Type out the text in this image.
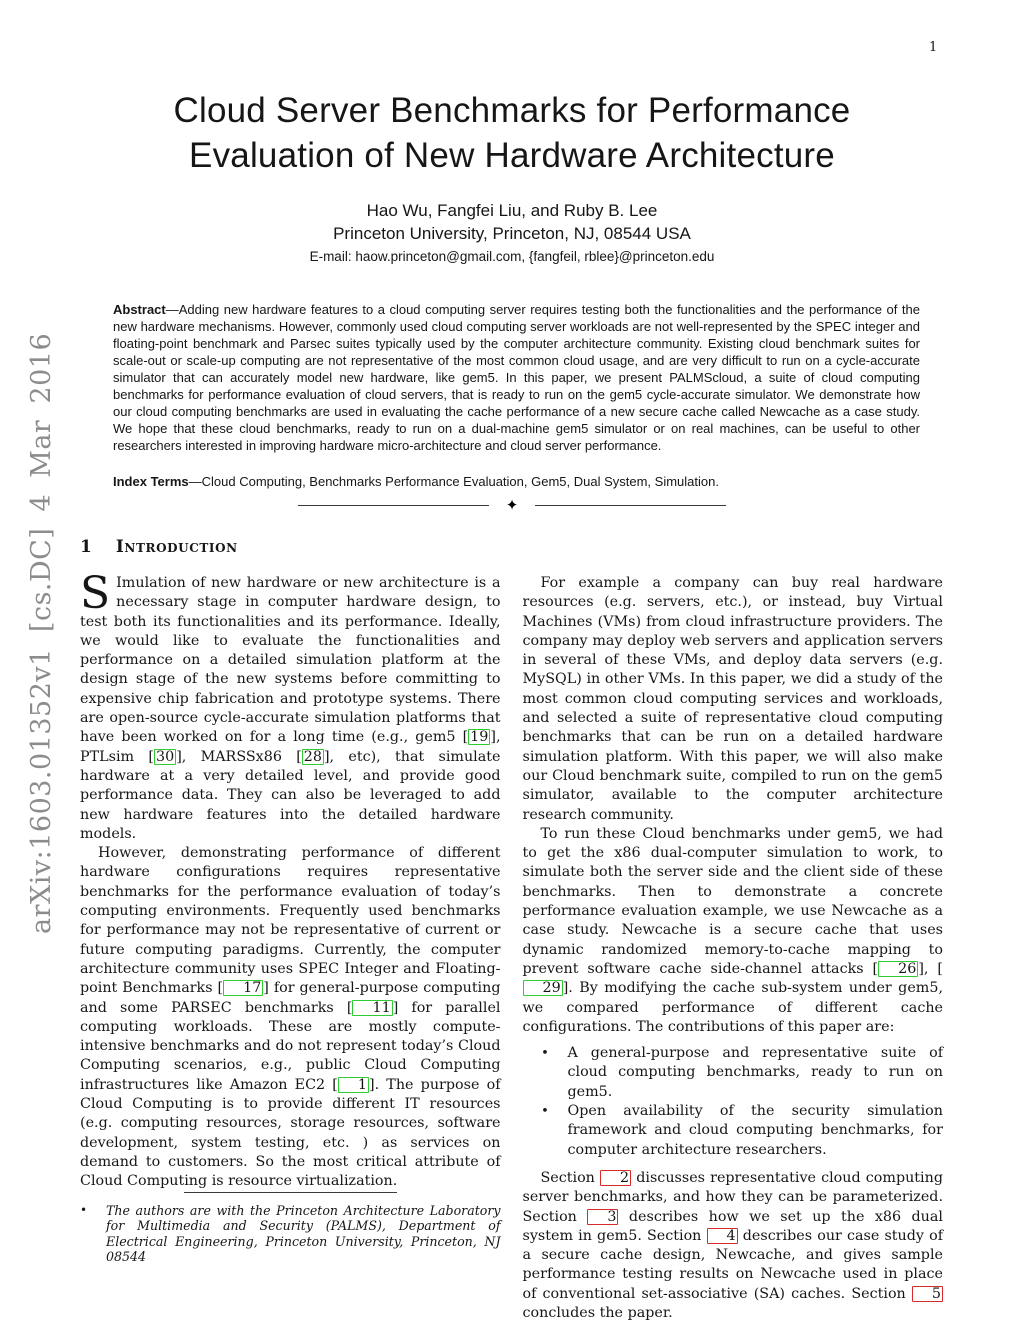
1
arXiv:1603.01352v1 [cs.DC] 4 Mar 2016
Cloud Server Benchmarks for Performance
Evaluation of New Hardware Architecture
Hao Wu, Fangfei Liu, and Ruby B. Lee
Princeton University, Princeton, NJ, 08544 USA
E-mail: haow.princeton@gmail.com, {fangfeil, rblee}@princeton.edu

Abstract—Adding new hardware features to a cloud computing server requires testing both the functionalities and the performance of the new hardware mechanisms. However, commonly used cloud computing server workloads are not well-represented by the SPEC integer and floating-point benchmark and Parsec suites typically used by the computer architecture community. Existing cloud benchmark suites for scale-out or scale-up computing are not representative of the most common cloud usage, and are very difficult to run on a cycle-accurate simulator that can accurately model new hardware, like gem5. In this paper, we present PALMScloud, a suite of cloud computing benchmarks for performance evaluation of cloud servers, that is ready to run on the gem5 cycle-accurate simulator. We demonstrate how our cloud computing benchmarks are used in evaluating the cache performance of a new secure cache called Newcache as a case study. We hope that these cloud benchmarks, ready to run on a dual-machine gem5 simulator or on real machines, can be useful to other researchers interested in improving hardware micro-architecture and cloud server performance.

Index Terms—Cloud Computing, Benchmarks Performance Evaluation, Gem5, Dual System, Simulation.

✦
1 Introduction

S Imulation of new hardware or new architecture is a necessary stage in computer hardware design, to test both its functionalities and its performance. Ideally, we would like to evaluate the functionalities and performance on a detailed simulation platform at the design stage of the new systems before committing to expensive chip fabrication and prototype systems. There are open-source cycle-accurate simulation platforms that have been worked on for a long time (e.g., gem5 [ 19 ], PTLsim [ 30 ], MARSSx86 [ 28 ], etc), that simulate hardware at a very detailed level, and provide good performance data. They can also be leveraged to add new hardware features into the detailed hardware models.

However, demonstrating performance of different hardware configurations requires representative benchmarks for the performance evaluation of today’s computing environments. Frequently used benchmarks for performance may not be representative of current or future computing paradigms. Currently, the computer architecture community uses SPEC Integer and Floating-point Benchmarks [ 17 ] for general-purpose computing and some PARSEC benchmarks [ 11 ] for parallel computing workloads. These are mostly compute-intensive benchmarks and do not represent today’s Cloud Computing scenarios, e.g., public Cloud Computing infrastructures like Amazon EC2 [ 1 ]. The purpose of Cloud Computing is to provide different IT resources (e.g. computing resources, storage resources, software development, system testing, etc. ) as services on demand to customers. So the most critical attribute of Cloud Computing is resource virtualization.

•	The authors are with the Princeton Architecture Laboratory for Multimedia and Security (PALMS), Department of Electrical Engineering, Princeton University, Princeton, NJ 08544

For example a company can buy real hardware resources (e.g. servers, etc.), or instead, buy Virtual Machines (VMs) from cloud infrastructure providers. The company may deploy web servers and application servers in several of these VMs, and deploy data servers (e.g. MySQL) in other VMs. In this paper, we did a study of the most common cloud computing services and workloads, and selected a suite of representative cloud computing benchmarks that can be run on a detailed hardware simulation platform. With this paper, we will also make our Cloud benchmark suite, compiled to run on the gem5 simulator, available to the computer architecture research community.

To run these Cloud benchmarks under gem5, we had to get the x86 dual-computer simulation to work, to simulate both the server side and the client side of these benchmarks. Then to demonstrate a concrete performance evaluation example, we use Newcache as a case study. Newcache is a secure cache that uses dynamic randomized memory-to-cache mapping to prevent software cache side-channel attacks [ 26 ], [29 ]. By modifying the cache sub-system under gem5, we compared performance of different cache configurations. The contributions of this paper are:

•	A general-purpose and representative suite of cloud computing benchmarks, ready to run on gem5.
•	Open availability of the security simulation framework and cloud computing benchmarks, for computer architecture researchers.

Section 2 discusses representative cloud computing server benchmarks, and how they can be parameterized. Section 3 describes how we set up the x86 dual system in gem5. Section 4 describes our case study of a secure cache design, Newcache, and gives sample performance testing results on Newcache used in place of conventional set-associative (SA) caches. Section 5 concludes the paper.
